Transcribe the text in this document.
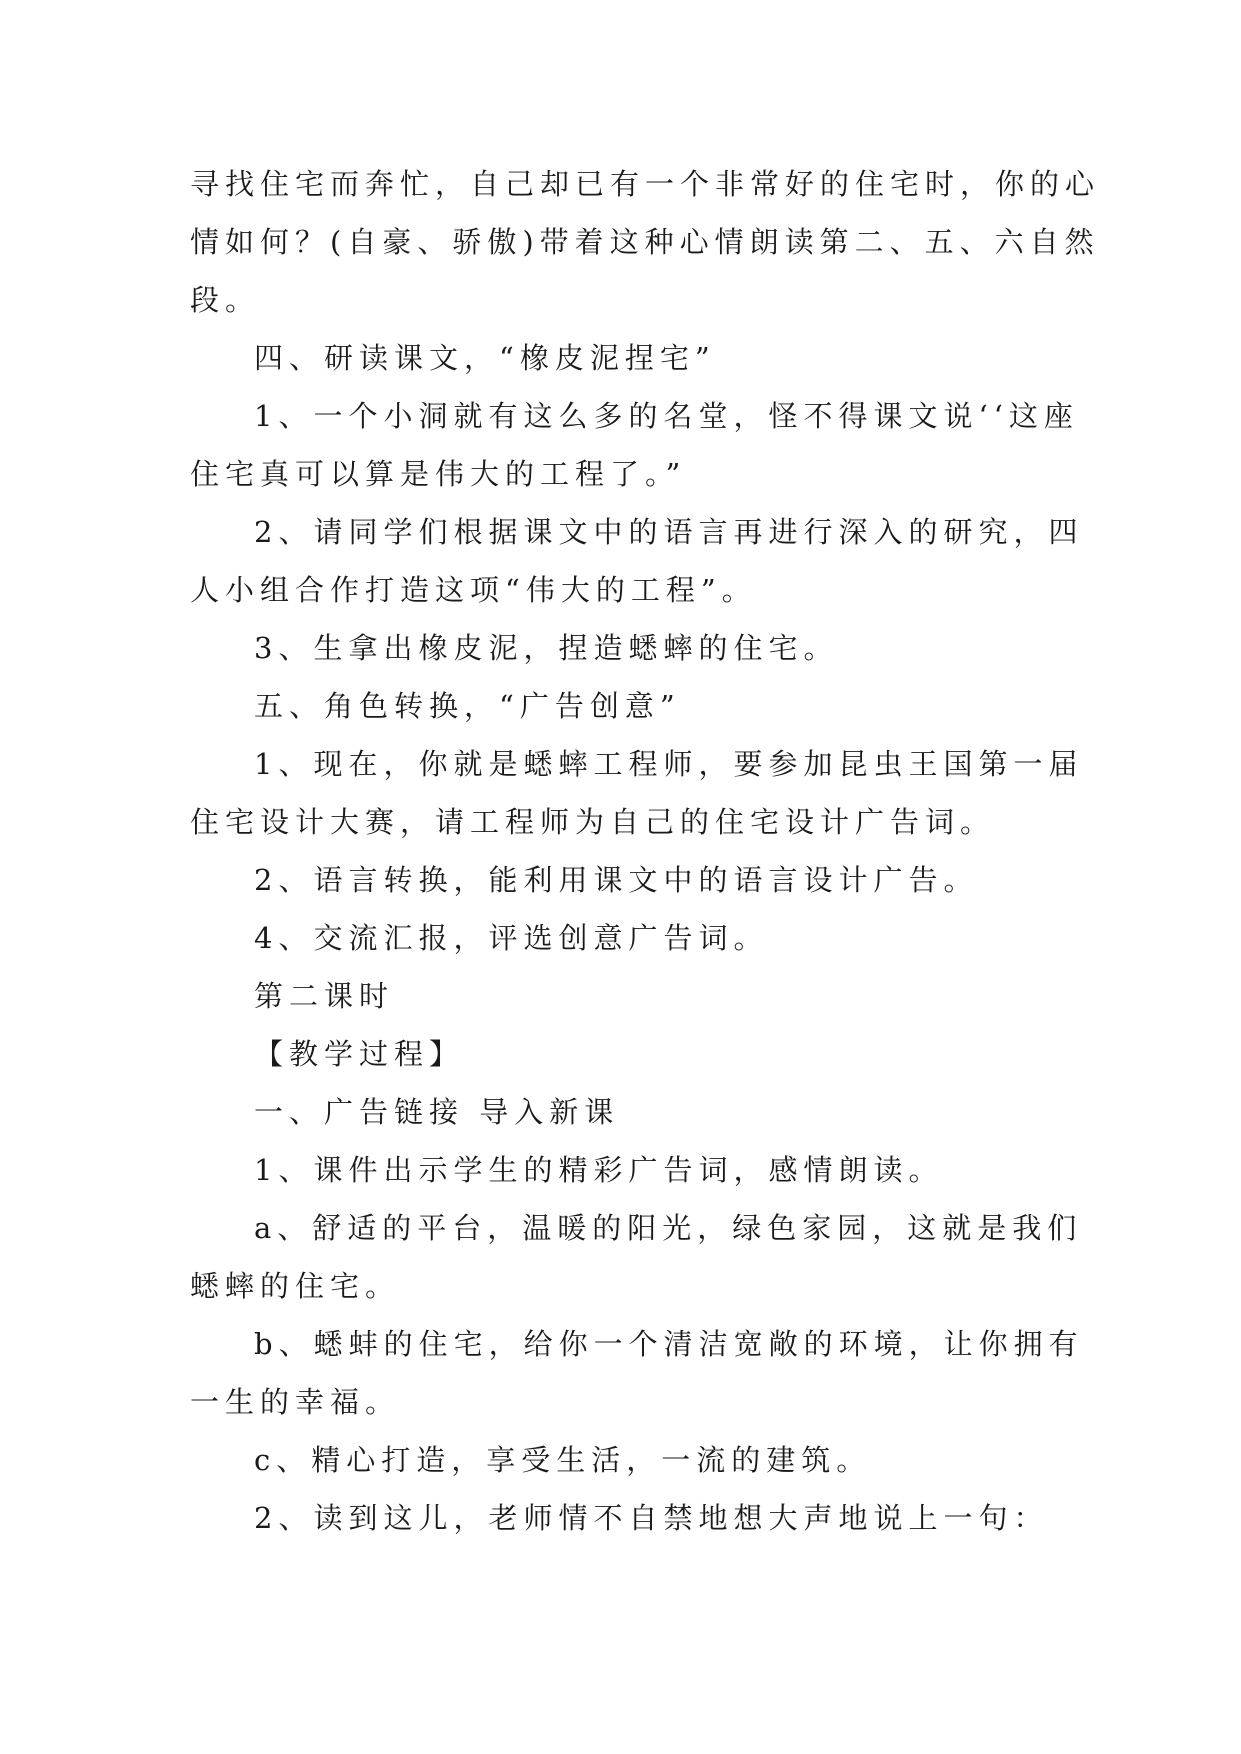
寻找住宅而奔忙，自己却已有一个非常好的住宅时，你的心
情如何？(自豪、骄傲)带着这种心情朗读第二、五、六自然
段。
四、研读课文，“橡皮泥捏宅”
1、一个小洞就有这么多的名堂，怪不得课文说‘‘这座
住宅真可以算是伟大的工程了。”
2、请同学们根据课文中的语言再进行深入的研究，四
人小组合作打造这项“伟大的工程”。
3、生拿出橡皮泥，捏造蟋蟀的住宅。
五、角色转换，“广告创意”
1、现在，你就是蟋蟀工程师，要参加昆虫王国第一届
住宅设计大赛，请工程师为自己的住宅设计广告词。
2、语言转换，能利用课文中的语言设计广告。
4、交流汇报，评选创意广告词。
第二课时
【教学过程】
一、广告链接 导入新课
1、课件出示学生的精彩广告词，感情朗读。
a、舒适的平台，温暖的阳光，绿色家园，这就是我们
蟋蟀的住宅。
b、蟋蚌的住宅，给你一个清洁宽敞的环境，让你拥有
一生的幸福。
c、精心打造，享受生活，一流的建筑。
2、读到这儿，老师情不自禁地想大声地说上一句：
